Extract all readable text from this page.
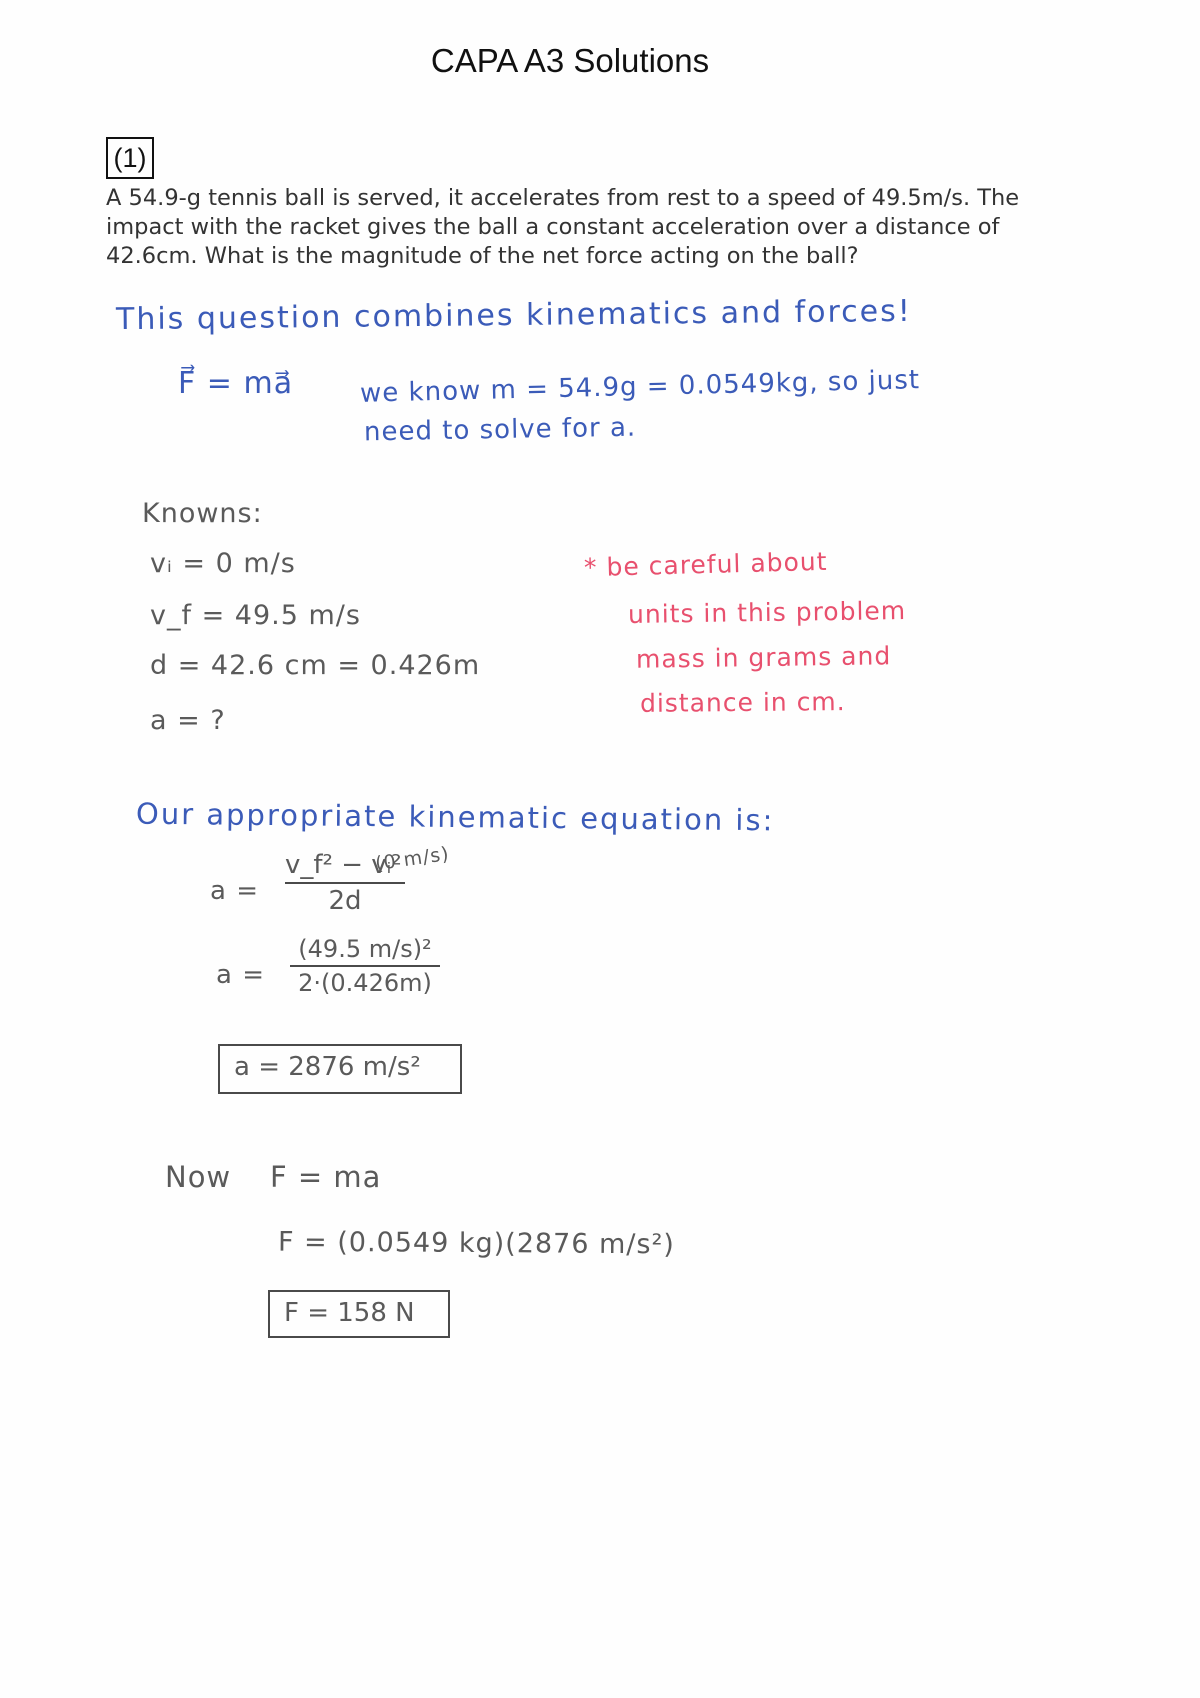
CAPA A3 Solutions
(1)
A 54.9-g tennis ball is served, it accelerates from rest to a speed of 49.5m/s. The
impact with the racket gives the ball a constant acceleration over a distance of
42.6cm. What is the magnitude of the net force acting on the ball?
This question combines kinematics and forces!
F⃗ = ma⃗	we know m = 54.9g = 0.0549kg, so just
need to solve for a.
Knowns:
vᵢ = 0 m/s
v_f = 49.5 m/s
d = 42.6 cm = 0.426m
a = ?
* be careful about
units in this problem
mass in grams and
distance in cm.
Our appropriate kinematic equation is:
a =
v_f² − vᵢ²
2d
(0 m/s)
a =
(49.5 m/s)²
2·(0.426m)
a = 2876 m/s²
Now F = ma
F = (0.0549 kg)(2876 m/s²)
F = 158 N
